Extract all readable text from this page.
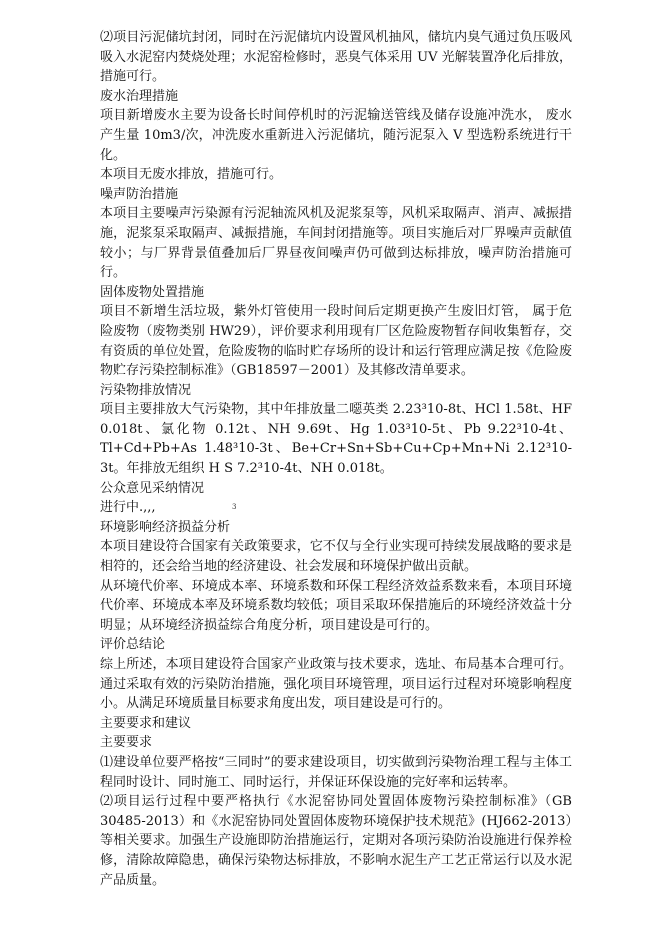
⑵项目污泥储坑封闭，同时在污泥储坑内设置风机抽风，储坑内臭气通过负压吸风吸入水泥窑内焚烧处理；水泥窑检修时，恶臭气体采用 UV 光解装置净化后排放，措施可行。

废水治理措施

项目新增废水主要为设备长时间停机时的污泥输送管线及储存设施冲洗水， 废水产生量 10m3/次，冲洗废水重新进入污泥储坑，随污泥泵入 V 型选粉系统进行干化。

本项目无废水排放，措施可行。

噪声防治措施

本项目主要噪声污染源有污泥轴流风机及泥浆泵等，风机采取隔声、消声、减振措施，泥浆泵采取隔声、减振措施，车间封闭措施等。项目实施后对厂界噪声贡献值较小；与厂界背景值叠加后厂界昼夜间噪声仍可做到达标排放，噪声防治措施可行。

固体废物处置措施

项目不新增生活垃圾，紫外灯管使用一段时间后定期更换产生废旧灯管， 属于危险废物（废物类别 HW29），评价要求利用现有厂区危险废物暂存间收集暂存，交有资质的单位处置，危险废物的临时贮存场所的设计和运行管理应满足按《危险废物贮存污染控制标准》（GB18597－2001）及其修改清单要求。

污染物排放情况

项目主要排放大气污染物，其中年排放量二噁英类 2.23³10-8t、HCl 1.58t、HF 0.018t、氯化物 0.12t、NH 9.69t、Hg 1.03³10-5t、Pb 9.22³10-4t、Tl+Cd+Pb+As 1.48³10-3t、Be+Cr+Sn+Sb+Cu+Cр+Mn+Ni 2.12³10-3t。年排放无组织 H S 7.2³10-4t、NH 0.018t。

公众意见采纳情况

进行中.,,,

环境影响经济损益分析

本项目建设符合国家有关政策要求，它不仅与全行业实现可持续发展战略的要求是相符的，还会给当地的经济建设、社会发展和环境保护做出贡献。

从环境代价率、环境成本率、环境系数和环保工程经济效益系数来看，本项目环境代价率、环境成本率及环境系数均较低；项目采取环保措施后的环境经济效益十分明显；从环境经济损益综合角度分析，项目建设是可行的。

评价总结论

综上所述，本项目建设符合国家产业政策与技术要求，选址、布局基本合理可行。通过采取有效的污染防治措施，强化项目环境管理，项目运行过程对环境影响程度小。从满足环境质量目标要求角度出发，项目建设是可行的。

主要要求和建议

主要要求

⑴建设单位要严格按“三同时”的要求建设项目，切实做到污染物治理工程与主体工程同时设计、同时施工、同时运行，并保证环保设施的完好率和运转率。

⑵项目运行过程中要严格执行《水泥窑协同处置固体废物污染控制标准》（GB 30485-2013）和《水泥窑协同处置固体废物环境保护技术规范》(HJ662-2013）等相关要求。加强生产设施即防治措施运行，定期对各项污染防治设施进行保养检修，清除故障隐患，确保污染物达标排放，不影响水泥生产工艺正常运行以及水泥产品质量。

3
